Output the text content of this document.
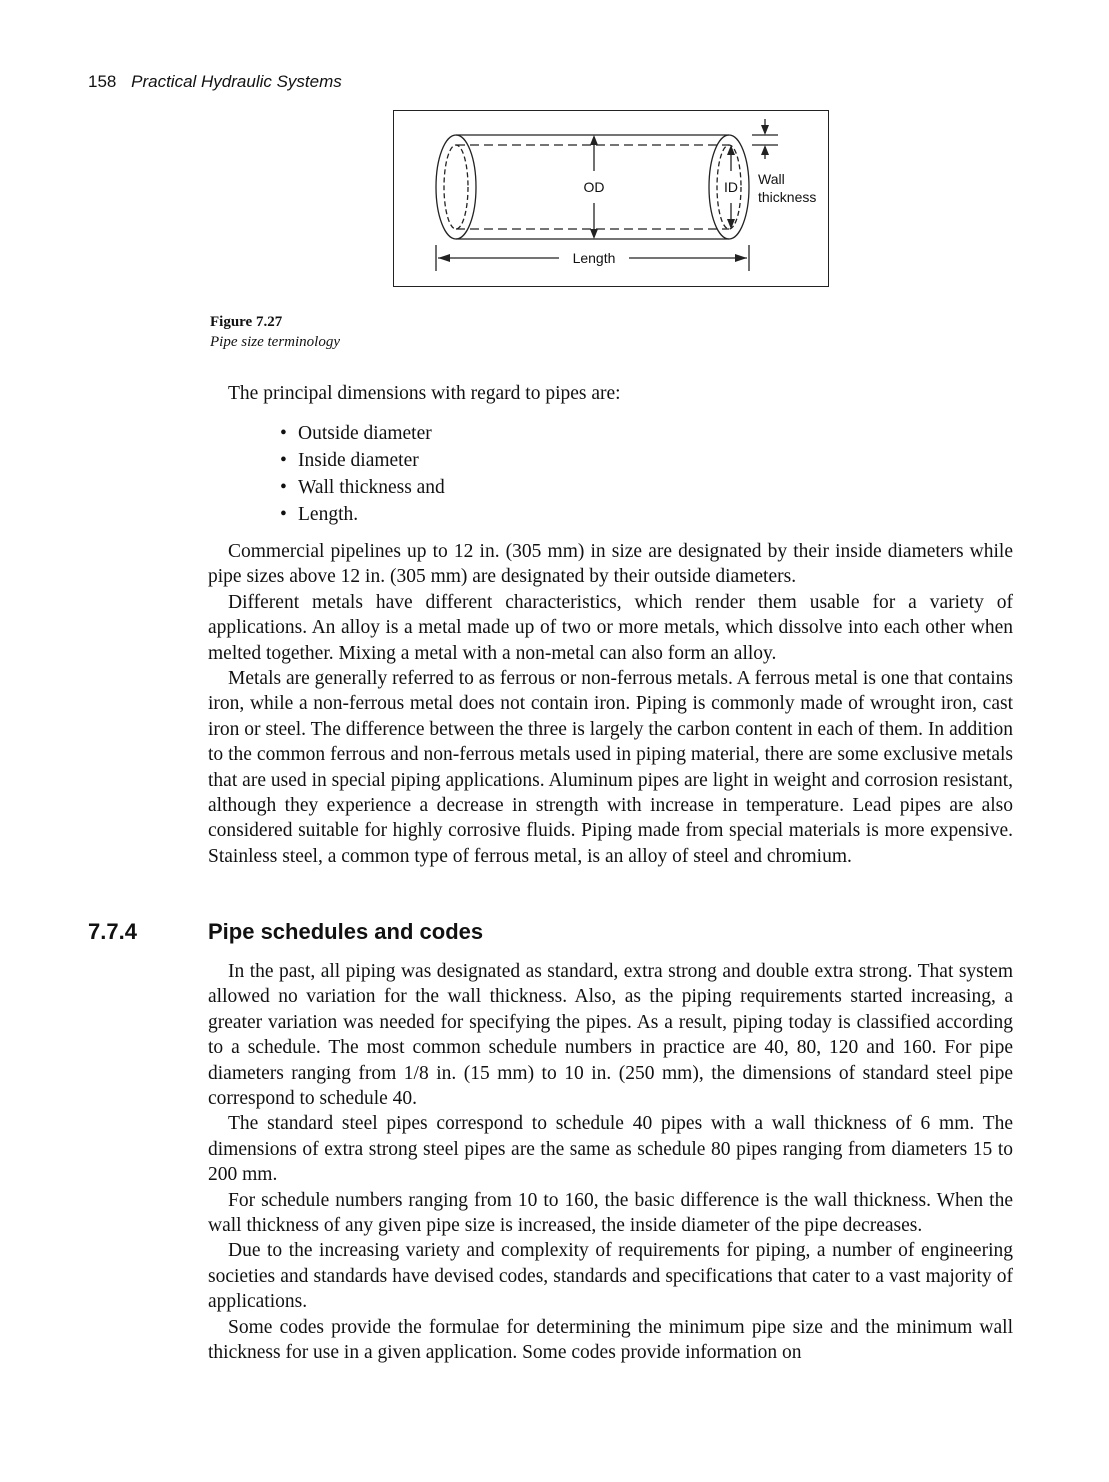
158 Practical Hydraulic Systems
OD	ID Wall
thickness
Length
Figure 7.27
Pipe size terminology
The principal dimensions with regard to pipes are:
• Outside diameter
• Inside diameter
• Wall thickness and
• Length.

Commercial pipelines up to 12 in. (305 mm) in size are designated by their inside diameters while pipe sizes above 12 in. (305 mm) are designated by their outside diameters.

Different metals have different characteristics, which render them usable for a variety of applications. An alloy is a metal made up of two or more metals, which dissolve into each other when melted together. Mixing a metal with a non-metal can also form an alloy.

Metals are generally referred to as ferrous or non-ferrous metals. A ferrous metal is one that contains iron, while a non-ferrous metal does not contain iron. Piping is commonly made of wrought iron, cast iron or steel. The difference between the three is largely the carbon content in each of them. In addition to the common ferrous and non-ferrous metals used in piping material, there are some exclusive metals that are used in special piping applications. Aluminum pipes are light in weight and corrosion resistant, although they experience a decrease in strength with increase in temperature. Lead pipes are also considered suitable for highly corrosive fluids. Piping made from special materials is more expensive. Stainless steel, a common type of ferrous metal, is an alloy of steel and chromium.

7.7.4	Pipe schedules and codes

In the past, all piping was designated as standard, extra strong and double extra strong. That system allowed no variation for the wall thickness. Also, as the piping requirements started increasing, a greater variation was needed for specifying the pipes. As a result, piping today is classified according to a schedule. The most common schedule numbers in practice are 40, 80, 120 and 160. For pipe diameters ranging from 1/8 in. (15 mm) to 10 in. (250 mm), the dimensions of standard steel pipe correspond to schedule 40.

The standard steel pipes correspond to schedule 40 pipes with a wall thickness of 6 mm. The dimensions of extra strong steel pipes are the same as schedule 80 pipes ranging from diameters 15 to 200 mm.

For schedule numbers ranging from 10 to 160, the basic difference is the wall thickness. When the wall thickness of any given pipe size is increased, the inside diameter of the pipe decreases.

Due to the increasing variety and complexity of requirements for piping, a number of engineering societies and standards have devised codes, standards and specifications that cater to a vast majority of applications.

Some codes provide the formulae for determining the minimum pipe size and the minimum wall thickness for use in a given application. Some codes provide information on
